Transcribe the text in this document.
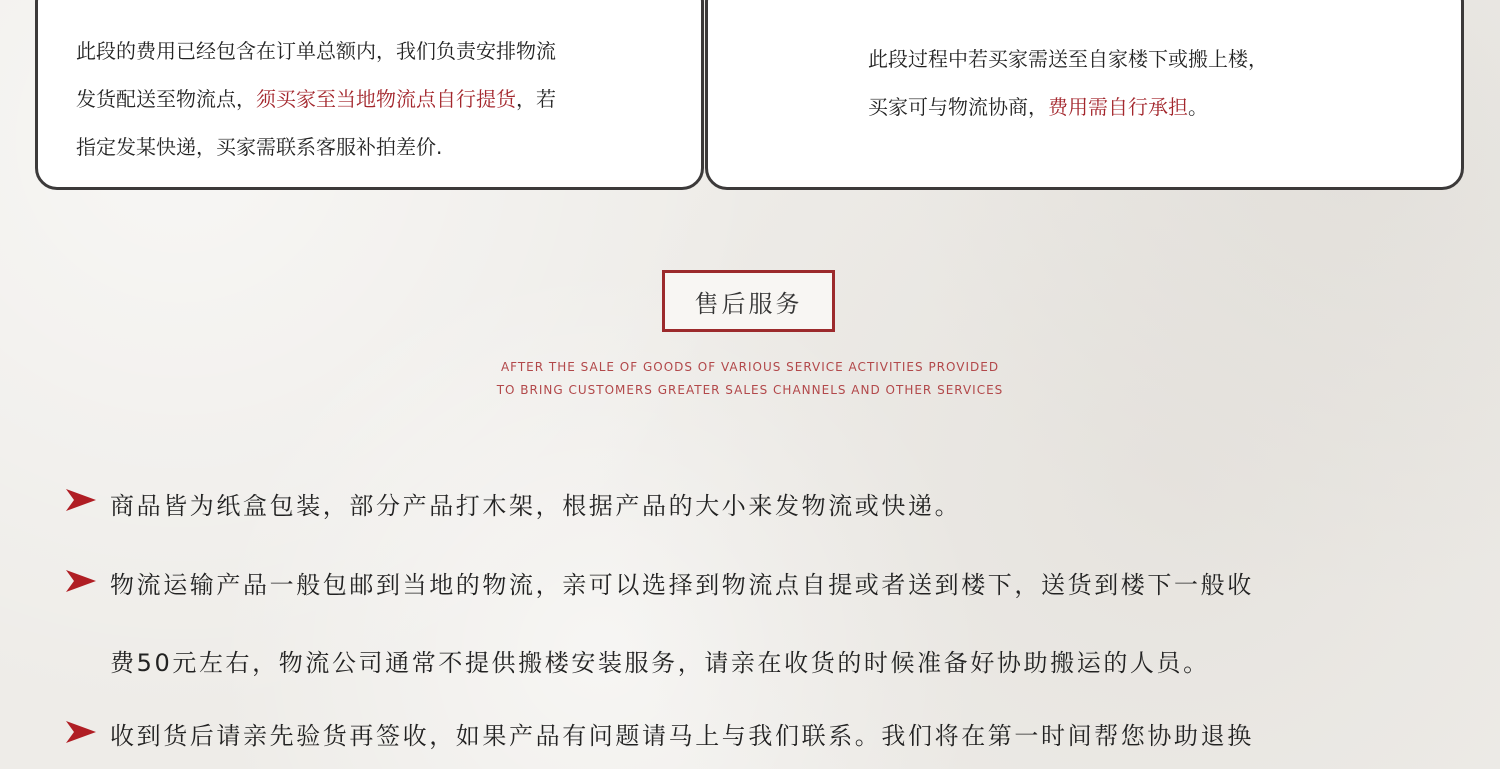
此段的费用已经包含在订单总额内，我们负责安排物流
发货配送至物流点，须买家至当地物流点自行提货，若
指定发某快递，买家需联系客服补拍差价.
此段过程中若买家需送至自家楼下或搬上楼，
买家可与物流协商，费用需自行承担。
售后服务
AFTER THE SALE OF GOODS OF VARIOUS SERVICE ACTIVITIES PROVIDED
TO BRING CUSTOMERS GREATER SALES CHANNELS AND OTHER SERVICES
商品皆为纸盒包装，部分产品打木架，根据产品的大小来发物流或快递。
物流运输产品一般包邮到当地的物流，亲可以选择到物流点自提或者送到楼下，送货到楼下一般收
费50元左右，物流公司通常不提供搬楼安装服务，请亲在收货的时候准备好协助搬运的人员。
收到货后请亲先验货再签收，如果产品有问题请马上与我们联系。我们将在第一时间帮您协助退换
